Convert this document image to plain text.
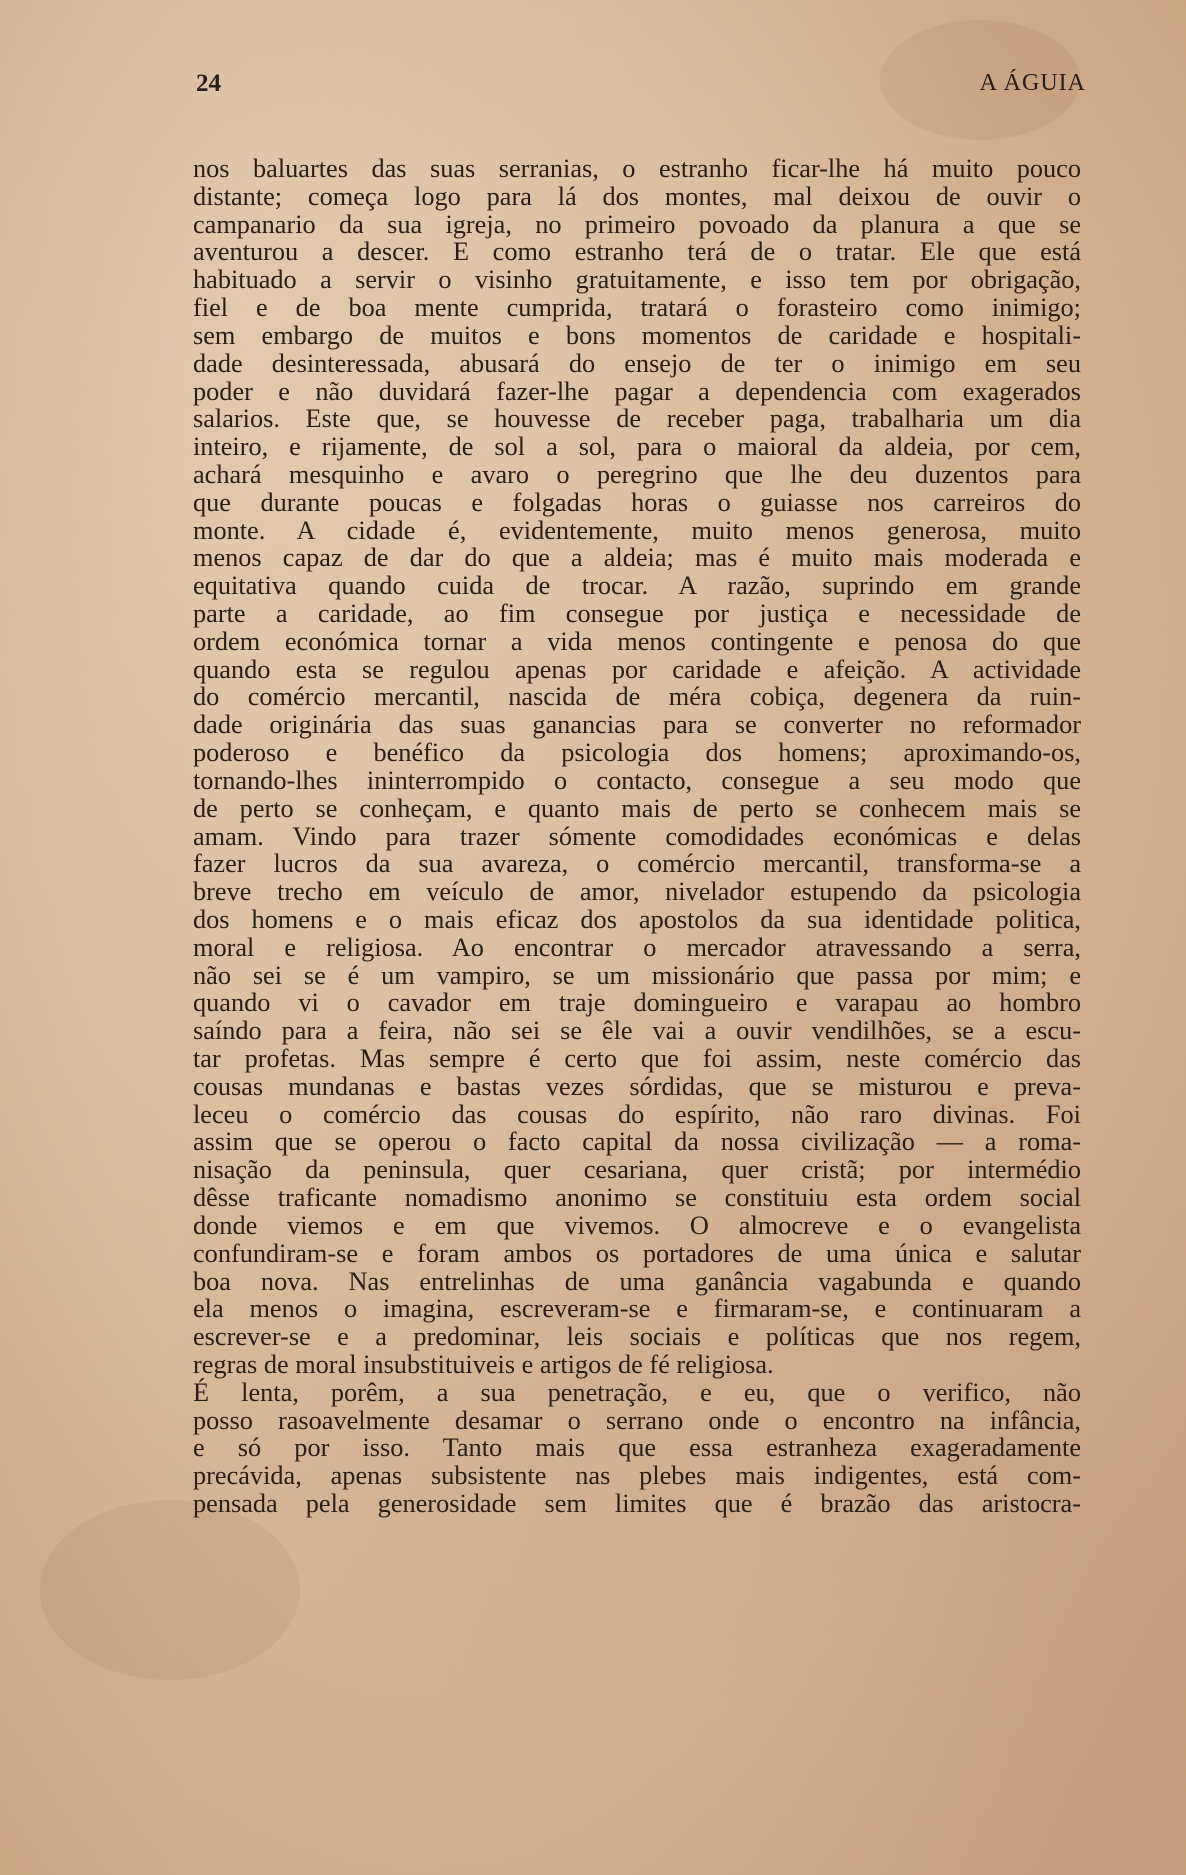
24	A ÁGUIA
nos baluartes das suas serranias, o estranho ficar-lhe há muito pouco
distante; começa logo para lá dos montes, mal deixou de ouvir o
campanario da sua igreja, no primeiro povoado da planura a que se
aventurou a descer. E como estranho terá de o tratar. Ele que está
habituado a servir o visinho gratuitamente, e isso tem por obrigação,
fiel e de boa mente cumprida, tratará o forasteiro como inimigo;
sem embargo de muitos e bons momentos de caridade e hospitali-
dade desinteressada, abusará do ensejo de ter o inimigo em seu
poder e não duvidará fazer-lhe pagar a dependencia com exagerados
salarios. Este que, se houvesse de receber paga, trabalharia um dia
inteiro, e rijamente, de sol a sol, para o maioral da aldeia, por cem,
achará mesquinho e avaro o peregrino que lhe deu duzentos para
que durante poucas e folgadas horas o guiasse nos carreiros do
monte. A cidade é, evidentemente, muito menos generosa, muito
menos capaz de dar do que a aldeia; mas é muito mais moderada e
equitativa quando cuida de trocar. A razão, suprindo em grande
parte a caridade, ao fim consegue por justiça e necessidade de
ordem económica tornar a vida menos contingente e penosa do que
quando esta se regulou apenas por caridade e afeição. A actividade
do comércio mercantil, nascida de méra cobiça, degenera da ruin-
dade originária das suas ganancias para se converter no reformador
poderoso e benéfico da psicologia dos homens; aproximando-os,
tornando-lhes ininterrompido o contacto, consegue a seu modo que
de perto se conheçam, e quanto mais de perto se conhecem mais se
amam. Vindo para trazer sómente comodidades económicas e delas
fazer lucros da sua avareza, o comércio mercantil, transforma-se a
breve trecho em veículo de amor, nivelador estupendo da psicologia
dos homens e o mais eficaz dos apostolos da sua identidade politica,
moral e religiosa. Ao encontrar o mercador atravessando a serra,
não sei se é um vampiro, se um missionário que passa por mim; e
quando vi o cavador em traje domingueiro e varapau ao hombro
saíndo para a feira, não sei se êle vai a ouvir vendilhões, se a escu-
tar profetas. Mas sempre é certo que foi assim, neste comércio das
cousas mundanas e bastas vezes sórdidas, que se misturou e preva-
leceu o comércio das cousas do espírito, não raro divinas. Foi
assim que se operou o facto capital da nossa civilização — a roma-
nisação da peninsula, quer cesariana, quer cristã; por intermédio
dêsse traficante nomadismo anonimo se constituiu esta ordem social
donde viemos e em que vivemos. O almocreve e o evangelista
confundiram-se e foram ambos os portadores de uma única e salutar
boa nova. Nas entrelinhas de uma ganância vagabunda e quando
ela menos o imagina, escreveram-se e firmaram-se, e continuaram a
escrever-se e a predominar, leis sociais e políticas que nos regem,
regras de moral insubstituiveis e artigos de fé religiosa.
É lenta, porêm, a sua penetração, e eu, que o verifico, não
posso rasoavelmente desamar o serrano onde o encontro na infância,
e só por isso. Tanto mais que essa estranheza exageradamente
precávida, apenas subsistente nas plebes mais indigentes, está com-
pensada pela generosidade sem limites que é brazão das aristocra-
